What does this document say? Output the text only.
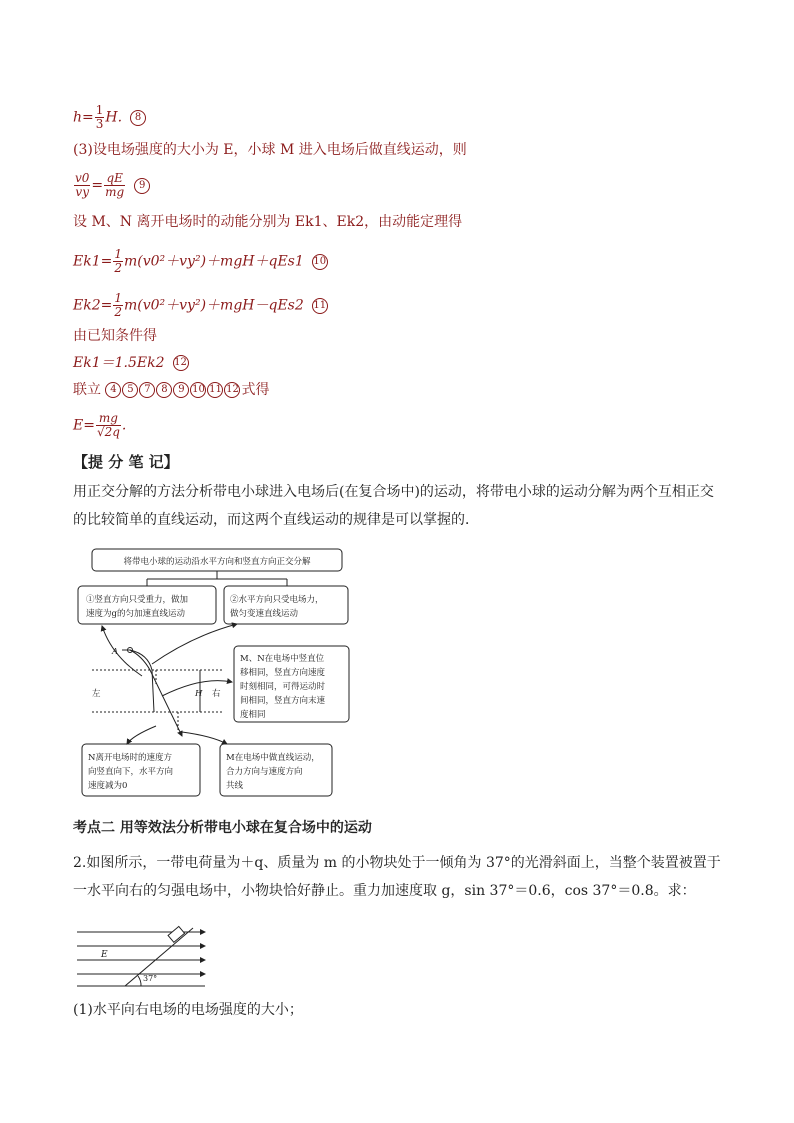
$h= \frac{1}{3} H$. 8
(3)设电场强度的大小为 E，小球 M 进入电场后做直线运动，则
$\frac{v0}{vy} = \frac{qE}{mg} 9$
设 M、N 离开电场时的动能分别为 Ek1、Ek2，由动能定理得
$Ek1= \frac{1}{2} m(v0^2+vy^2)+mgH+qEs1$ 10
$Ek2= \frac{1}{2} m(v0^2+vy^2)+mgH-qEs2$ 11
由已知条件得
Ek1＝1.5Ek2 12
联立 4 5 7 8 9 10 11 12 式得
$E= \frac{mg}{√2q}$ .
【提 分 笔 记】
用正交分解的方法分析带电小球进入电场后(在复合场中)的运动，将带电小球的运动分解为两个互相正交的比较简单的直线运动，而这两个直线运动的规律是可以掌握的．
将带电小球的运动沿水平方向和竖直方向正交分解
①竖直方向只受重力，做加
速度为g的匀加速直线运动
②水平方向只受电场力，
做匀变速直线运动
M、N在电场中竖直位
移相同，竖直方向速度
时刻相同，可得运动时
间相同，竖直方向末速
度相同
N离开电场时的速度方
向竖直向下，水平方向
速度减为0
M在电场中做直线运动，
合力方向与速度方向
共线
A
左	右
H
考点二 用等效法分析带电小球在复合场中的运动
2.如图所示，一带电荷量为＋q、质量为 m 的小物块处于一倾角为 37°的光滑斜面上，当整个装置被置于一水平向右的匀强电场中，小物块恰好静止。重力加速度取 g，sin 37°＝0.6，cos 37°＝0.8。求：
E
37°
(1)水平向右电场的电场强度的大小；
